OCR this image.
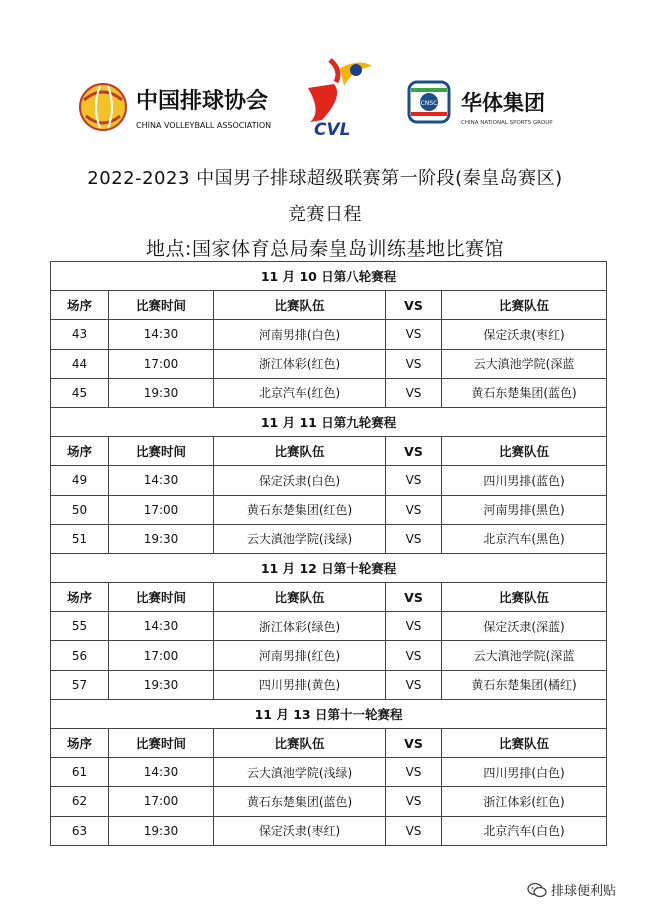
中国排球协会
CHINA VOLLEYBALL ASSOCIATION	CVL
CNSC 华体集团
CHINA NATIONAL SPORTS GROUP
2022-2023 中国男子排球超级联赛第一阶段(秦皇岛赛区)
竞赛日程
地点:国家体育总局秦皇岛训练基地比赛馆
11 月 10 日第八轮赛程				
场序	比赛时间	比赛队伍	VS	比赛队伍
43	14:30	河南男排(白色)	VS	保定沃隶(枣红)
44	17:00	浙江体彩(红色)	VS	云大滇池学院(深蓝
45	19:30	北京汽车(红色)	VS	黄石东楚集团(蓝色)
11 月 11 日第九轮赛程				
场序	比赛时间	比赛队伍	VS	比赛队伍
49	14:30	保定沃隶(白色)	VS	四川男排(蓝色)
50	17:00	黄石东楚集团(红色)	VS	河南男排(黑色)
51	19:30	云大滇池学院(浅绿)	VS	北京汽车(黑色)
11 月 12 日第十轮赛程				
场序	比赛时间	比赛队伍	VS	比赛队伍
55	14:30	浙江体彩(绿色)	VS	保定沃隶(深蓝)
56	17:00	河南男排(红色)	VS	云大滇池学院(深蓝
57	19:30	四川男排(黄色)	VS	黄石东楚集团(橘红)
11 月 13 日第十一轮赛程				
场序	比赛时间	比赛队伍	VS	比赛队伍
61	14:30	云大滇池学院(浅绿)	VS	四川男排(白色)
62	17:00	黄石东楚集团(蓝色)	VS	浙江体彩(红色)
63	19:30	保定沃隶(枣红)	VS	北京汽车(白色)
排球便利贴
